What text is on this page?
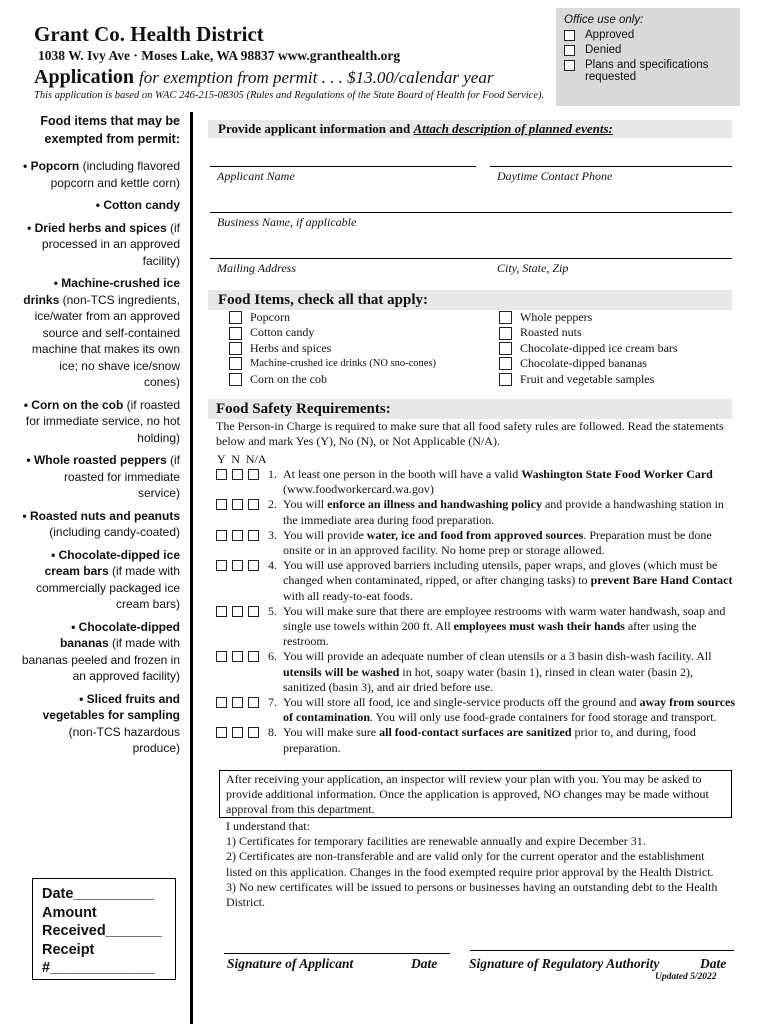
Grant Co. Health District
1038 W. Ivy Ave · Moses Lake, WA 98837 www.granthealth.org
Application for exemption from permit . . . $13.00/calendar year
This application is based on WAC 246-215-08305 (Rules and Regulations of the State Board of Health for Food Service).
Office use only:
Approved
Denied
Plans and specifications requested
Food items that may be exempted from permit:
• Popcorn (including flavored popcorn and kettle corn)
• Cotton candy
• Dried herbs and spices (if processed in an approved facility)
• Machine-crushed ice drinks (non-TCS ingredients, ice/water from an approved source and self-contained machine that makes its own ice; no shave ice/snow cones)
• Corn on the cob (if roasted for immediate service, no hot holding)
• Whole roasted peppers (if roasted for immediate service)
• Roasted nuts and peanuts (including candy-coated)
• Chocolate-dipped ice cream bars (if made with commercially packaged ice cream bars)
• Chocolate-dipped bananas (if made with bananas peeled and frozen in an approved facility)
• Sliced fruits and vegetables for sampling (non-TCS hazardous produce)
Date__________
Amount
Received_______
Receipt
#_____________
Provide applicant information and Attach description of planned events:
Applicant Name	Daytime Contact Phone
Business Name, if applicable
Mailing Address	City, State, Zip
Food Items, check all that apply:
Popcorn
Cotton candy
Herbs and spices
Machine-crushed ice drinks (NO sno-cones)
Corn on the cob
Whole peppers
Roasted nuts
Chocolate-dipped ice cream bars
Chocolate-dipped bananas
Fruit and vegetable samples
Food Safety Requirements:
The Person-in Charge is required to make sure that all food safety rules are followed. Read the statements below and mark Yes (Y), No (N), or Not Applicable (N/A).
Y N N/A
1. At least one person in the booth will have a valid Washington State Food Worker Card (www.foodworkercard.wa.gov)
2. You will enforce an illness and handwashing policy and provide a handwashing station in the immediate area during food preparation.
3. You will provide water, ice and food from approved sources. Preparation must be done onsite or in an approved facility. No home prep or storage allowed.
4. You will use approved barriers including utensils, paper wraps, and gloves (which must be changed when contaminated, ripped, or after changing tasks) to prevent Bare Hand Contact with all ready-to-eat foods.
5. You will make sure that there are employee restrooms with warm water handwash, soap and single use towels within 200 ft. All employees must wash their hands after using the restroom.
6. You will provide an adequate number of clean utensils or a 3 basin dish-wash facility. All utensils will be washed in hot, soapy water (basin 1), rinsed in clean water (basin 2), sanitized (basin 3), and air dried before use.
7. You will store all food, ice and single-service products off the ground and away from sources of contamination. You will only use food-grade containers for food storage and transport.
8. You will make sure all food-contact surfaces are sanitized prior to, and during, food preparation.
After receiving your application, an inspector will review your plan with you. You may be asked to provide additional information. Once the application is approved, NO changes may be made without approval from this department.
I understand that:
1) Certificates for temporary facilities are renewable annually and expire December 31.
2) Certificates are non-transferable and are valid only for the current operator and the establishment listed on this application. Changes in the food exempted require prior approval by the Health District.
3) No new certificates will be issued to persons or businesses having an outstanding debt to the Health District.
Signature of Applicant	Date Signature of Regulatory Authority	Date
Updated 5/2022
